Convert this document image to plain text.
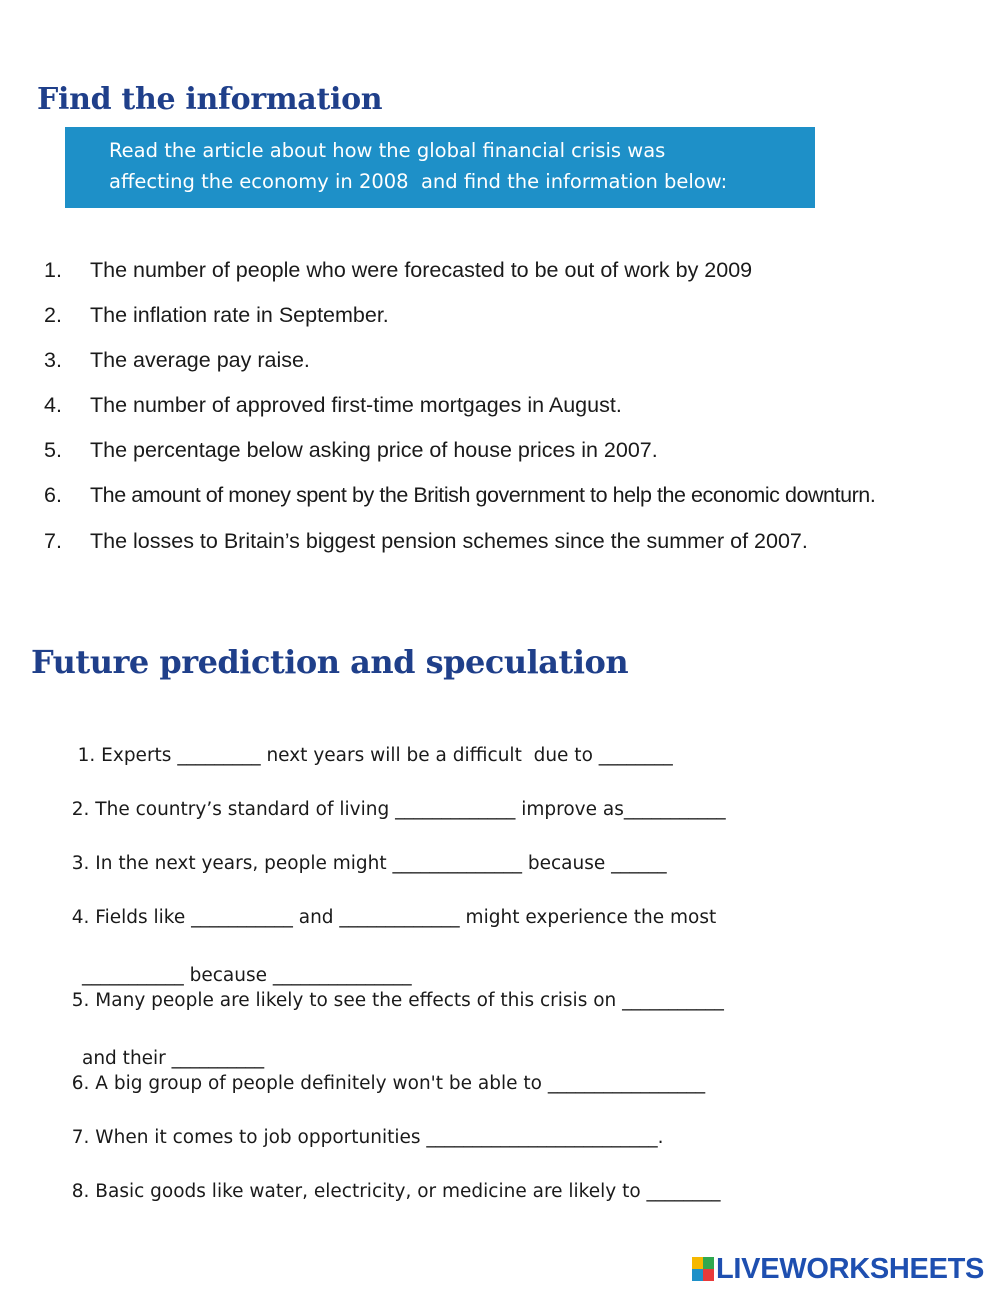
Find the information
Read the article about how the global financial crisis was
affecting the economy in 2008  and find the information below:
1. The number of people who were forecasted to be out of work by 2009
2. The inflation rate in September.
3. The average pay raise.
4. The number of approved first-time mortgages in August.
5. The percentage below asking price of house prices in 2007.
6. The amount of money spent by the British government to help the economic downturn.
7. The losses to Britain’s biggest pension schemes since the summer of 2007.
Future prediction and speculation

1. Experts _________ next years will be a difficult  due to ________

2. The country’s standard of living _____________ improve as___________

3. In the next years, people might ______________ because ______

4. Fields like ___________ and _____________ might experience the most

___________ because _______________

5. Many people are likely to see the effects of this crisis on ___________

and their __________

6. A big group of people definitely won't be able to _________________

7. When it comes to job opportunities _________________________.

8. Basic goods like water, electricity, or medicine are likely to ________

LIVEWORKSHEETS
